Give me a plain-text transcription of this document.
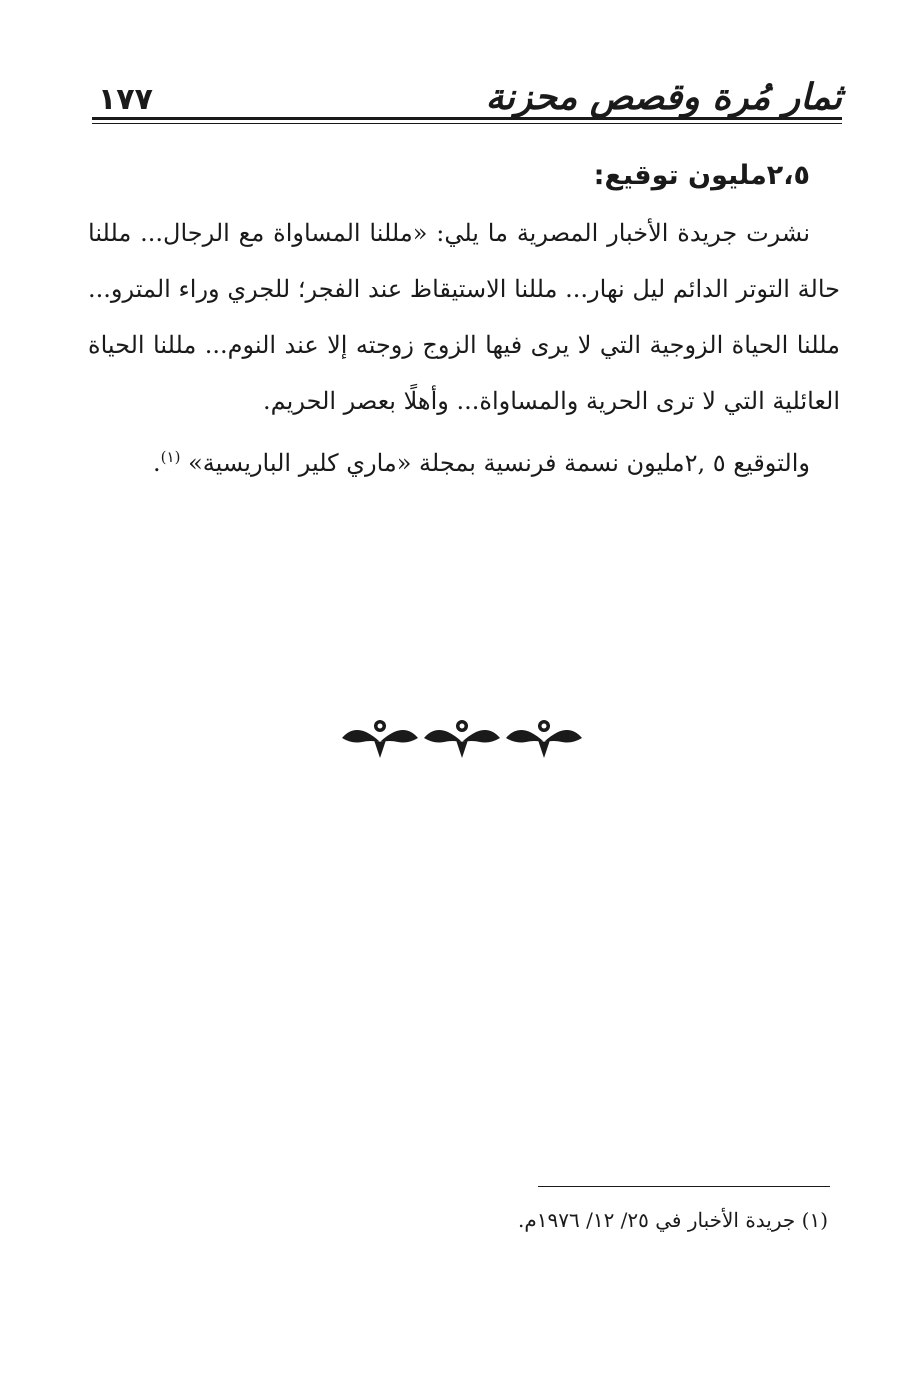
ثمار مُرة وقصص محزنة
١٧٧
٢،٥مليون توقيع:

نشرت جريدة الأخبار المصرية ما يلي: «مللنا المساواة مع الرجال... مللنا حالة التوتر الدائم ليل نهار... مللنا الاستيقاظ عند الفجر؛ للجري وراء المترو... مللنا الحياة الزوجية التي لا يرى فيها الزوج زوجته إلا عند النوم... مللنا الحياة العائلية التي لا ترى الحرية والمساواة... وأهلًا بعصر الحريم.

والتوقيع ٥ ,٢مليون نسمة فرنسية بمجلة «ماري كلير الباريسية» $^{(١)}$.

(١) جريدة الأخبار في ٢٥/ ١٢/ ١٩٧٦م.
